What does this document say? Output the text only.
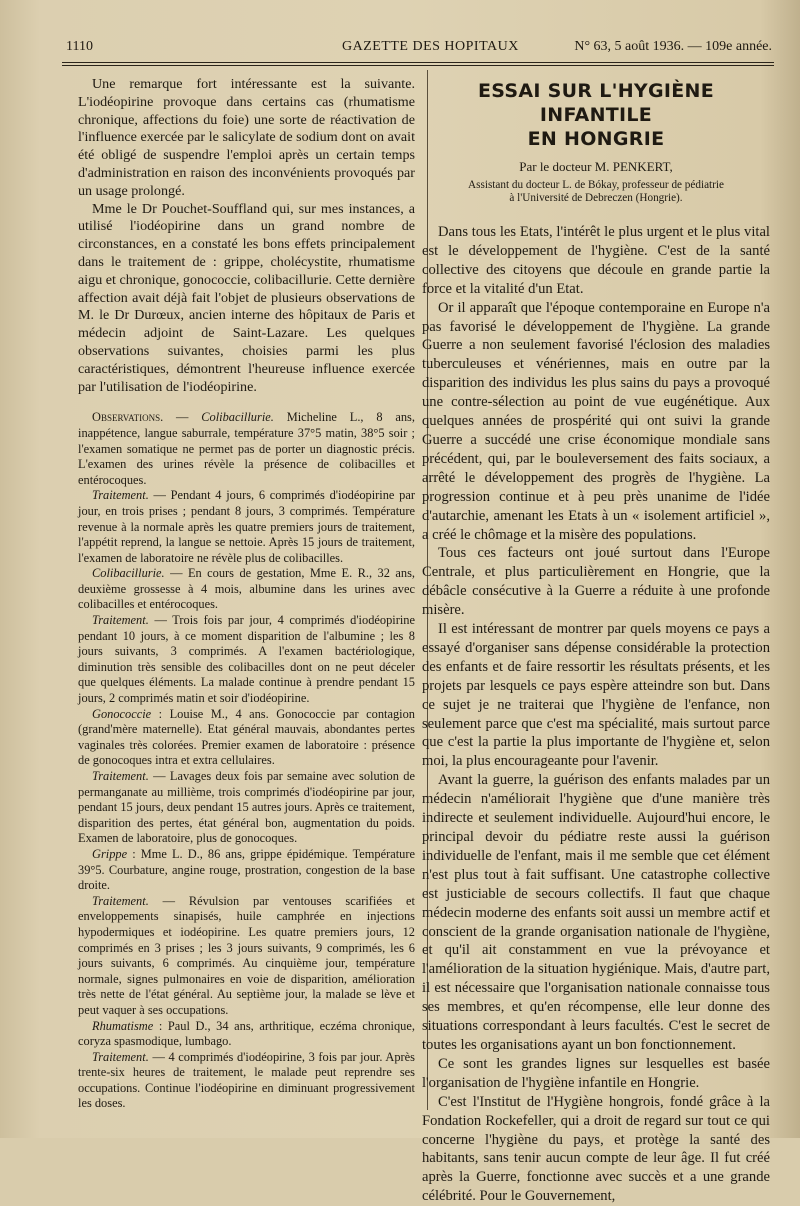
1110	GAZETTE DES HOPITAUX	N° 63, 5 août 1936. — 109e année.

Une remarque fort intéressante est la suivante. L'iodéopirine provoque dans certains cas (rhumatisme chronique, affections du foie) une sorte de réactivation de l'influence exercée par le salicylate de sodium dont on avait été obligé de suspendre l'emploi après un certain temps d'administration en raison des inconvénients provoqués par un usage prolongé.

Mme le Dr Pouchet-Souffland qui, sur mes instances, a utilisé l'iodéopirine dans un grand nombre de circonstances, en a constaté les bons effets principalement dans le traitement de : grippe, cholécystite, rhumatisme aigu et chronique, gonococcie, colibacillurie. Cette dernière affection avait déjà fait l'objet de plusieurs observations de M. le Dr Durœux, ancien interne des hôpitaux de Paris et médecin adjoint de Saint-Lazare. Les quelques observations suivantes, choisies parmi les plus caractéristiques, démontrent l'heureuse influence exercée par l'utilisation de l'iodéopirine.

Observations. — Colibacillurie. Micheline L., 8 ans, inappétence, langue saburrale, température 37°5 matin, 38°5 soir ; l'examen somatique ne permet pas de porter un diagnostic précis. L'examen des urines révèle la présence de colibacilles et entérocoques.

Traitement. — Pendant 4 jours, 6 comprimés d'iodéopirine par jour, en trois prises ; pendant 8 jours, 3 comprimés. Température revenue à la normale après les quatre premiers jours de traitement, l'appétit reprend, la langue se nettoie. Après 15 jours de traitement, l'examen de laboratoire ne révèle plus de colibacilles.

Colibacillurie. — En cours de gestation, Mme E. R., 32 ans, deuxième grossesse à 4 mois, albumine dans les urines avec colibacilles et entérocoques.

Traitement. — Trois fois par jour, 4 comprimés d'iodéopirine pendant 10 jours, à ce moment disparition de l'albumine ; les 8 jours suivants, 3 comprimés. A l'examen bactériologique, diminution très sensible des colibacilles dont on ne peut déceler que quelques éléments. La malade continue à prendre pendant 15 jours, 2 comprimés matin et soir d'iodéopirine.

Gonococcie : Louise M., 4 ans. Gonococcie par contagion (grand'mère maternelle). Etat général mauvais, abondantes pertes vaginales très colorées. Premier examen de laboratoire : présence de gonocoques intra et extra cellulaires.

Traitement. — Lavages deux fois par semaine avec solution de permanganate au millième, trois comprimés d'iodéopirine par jour, pendant 15 jours, deux pendant 15 autres jours. Après ce traitement, disparition des pertes, état général bon, augmentation du poids. Examen de laboratoire, plus de gonocoques.

Grippe : Mme L. D., 86 ans, grippe épidémique. Température 39°5. Courbature, angine rouge, prostration, congestion de la base droite.

Traitement. — Révulsion par ventouses scarifiées et enveloppements sinapisés, huile camphrée en injections hypodermiques et iodéopirine. Les quatre premiers jours, 12 comprimés en 3 prises ; les 3 jours suivants, 9 comprimés, les 6 jours suivants, 6 comprimés. Au cinquième jour, température normale, signes pulmonaires en voie de disparition, amélioration très nette de l'état général. Au septième jour, la malade se lève et peut vaquer à ses occupations.

Rhumatisme : Paul D., 34 ans, arthritique, eczéma chronique, coryza spasmodique, lumbago.

Traitement. — 4 comprimés d'iodéopirine, 3 fois par jour. Après trente-six heures de traitement, le malade peut reprendre ses occupations. Continue l'iodéopirine en diminuant progressivement les doses.

ESSAI SUR L'HYGIÈNE INFANTILE
EN HONGRIE
Par le docteur M. PENKERT,
Assistant du docteur L. de Bókay, professeur de pédiatrie
à l'Université de Debreczen (Hongrie).

Dans tous les Etats, l'intérêt le plus urgent et le plus vital est le développement de l'hygiène. C'est de la santé collective des citoyens que découle en grande partie la force et la vitalité d'un Etat.

Or il apparaît que l'époque contemporaine en Europe n'a pas favorisé le développement de l'hygiène. La grande Guerre a non seulement favorisé l'éclosion des maladies tuberculeuses et vénériennes, mais en outre par la disparition des individus les plus sains du pays a provoqué une contre-sélection au point de vue eugénétique. Aux quelques années de prospérité qui ont suivi la grande Guerre a succédé une crise économique mondiale sans précédent, qui, par le bouleversement des faits sociaux, a arrêté le développement des progrès de l'hygiène. La progression continue et à peu près unanime de l'idée d'autarchie, amenant les Etats à un « isolement artificiel », a créé le chômage et la misère des populations.

Tous ces facteurs ont joué surtout dans l'Europe Centrale, et plus particulièrement en Hongrie, que la débâcle consécutive à la Guerre a réduite à une profonde misère.

Il est intéressant de montrer par quels moyens ce pays a essayé d'organiser sans dépense considérable la protection des enfants et de faire ressortir les résultats présents, et les projets par lesquels ce pays espère atteindre son but. Dans ce sujet je ne traiterai que l'hygiène de l'enfance, non seulement parce que c'est ma spécialité, mais surtout parce que c'est la partie la plus importante de l'hygiène et, selon moi, la plus encourageante pour l'avenir.

Avant la guerre, la guérison des enfants malades par un médecin n'améliorait l'hygiène que d'une manière très indirecte et seulement individuelle. Aujourd'hui encore, le principal devoir du pédiatre reste aussi la guérison individuelle de l'enfant, mais il me semble que cet élément n'est plus tout à fait suffisant. Une catastrophe collective est justiciable de secours collectifs. Il faut que chaque médecin moderne des enfants soit aussi un membre actif et conscient de la grande organisation nationale de l'hygiène, et qu'il ait constamment en vue la prévoyance et l'amélioration de la situation hygiénique. Mais, d'autre part, il est nécessaire que l'organisation nationale connaisse tous ses membres, et qu'en récompense, elle leur donne des situations correspondant à leurs facultés. C'est le secret de toutes les organisations ayant un bon fonctionnement.

Ce sont les grandes lignes sur lesquelles est basée l'organisation de l'hygiène infantile en Hongrie.

C'est l'Institut de l'Hygiène hongrois, fondé grâce à la Fondation Rockefeller, qui a droit de regard sur tout ce qui concerne l'hygiène du pays, et protège la santé des habitants, sans tenir aucun compte de leur âge. Il fut créé après la Guerre, fonctionne avec succès et a une grande célébrité. Pour le Gouvernement,
